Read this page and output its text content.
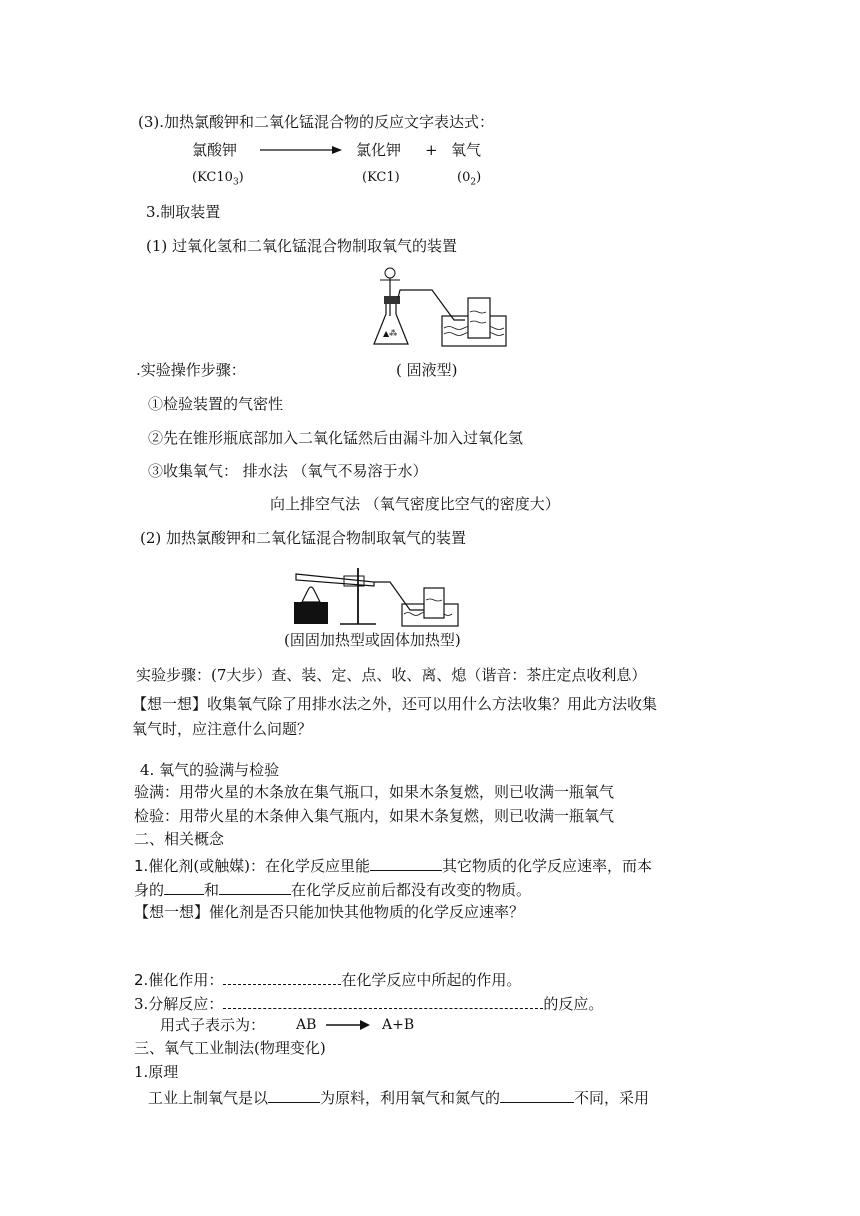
(3).加热氯酸钾和二氧化锰混合物的反应文字表达式：
氯酸钾	氯化钾 + 氧气
$(KC10_3)$	(KC1)	$(0_2)$
3.制取装置
(1) 过氧化氢和二氧化锰混合物制取氧气的装置
▲⁂
.实验操作步骤：	( 固液型)
①检验装置的气密性
②先在锥形瓶底部加入二氧化锰然后由漏斗加入过氧化氢
③收集氧气： 排水法 （氧气不易溶于水）
向上排空气法 （氧气密度比空气的密度大）
(2) 加热氯酸钾和二氧化锰混合物制取氧气的装置
(固固加热型或固体加热型)
实验步骤：(7大步）查、装、定、点、收、离、熄（谐音：茶庄定点收利息）
【想一想】收集氧气除了用排水法之外，还可以用什么方法收集？用此方法收集
氧气时，应注意什么问题？
4. 氧气的验满与检验
验满：用带火星的木条放在集气瓶口，如果木条复燃，则已收满一瓶氧气
检验：用带火星的木条伸入集气瓶内，如果木条复燃，则已收满一瓶氧气
二、相关概念
1.催化剂(或触媒)：在化学反应里能	其它物质的化学反应速率，而本
身的	和	在化学反应前后都没有改变的物质。
【想一想】催化剂是否只能加快其他物质的化学反应速率？
2.催化作用：	在化学反应中所起的作用。
3.分解反应：	的反应。
用式子表示为： AB	A+B
三、氧气工业制法(物理变化)
1.原理
工业上制氧气是以	为原料，利用氧气和氮气的	不同，采用
